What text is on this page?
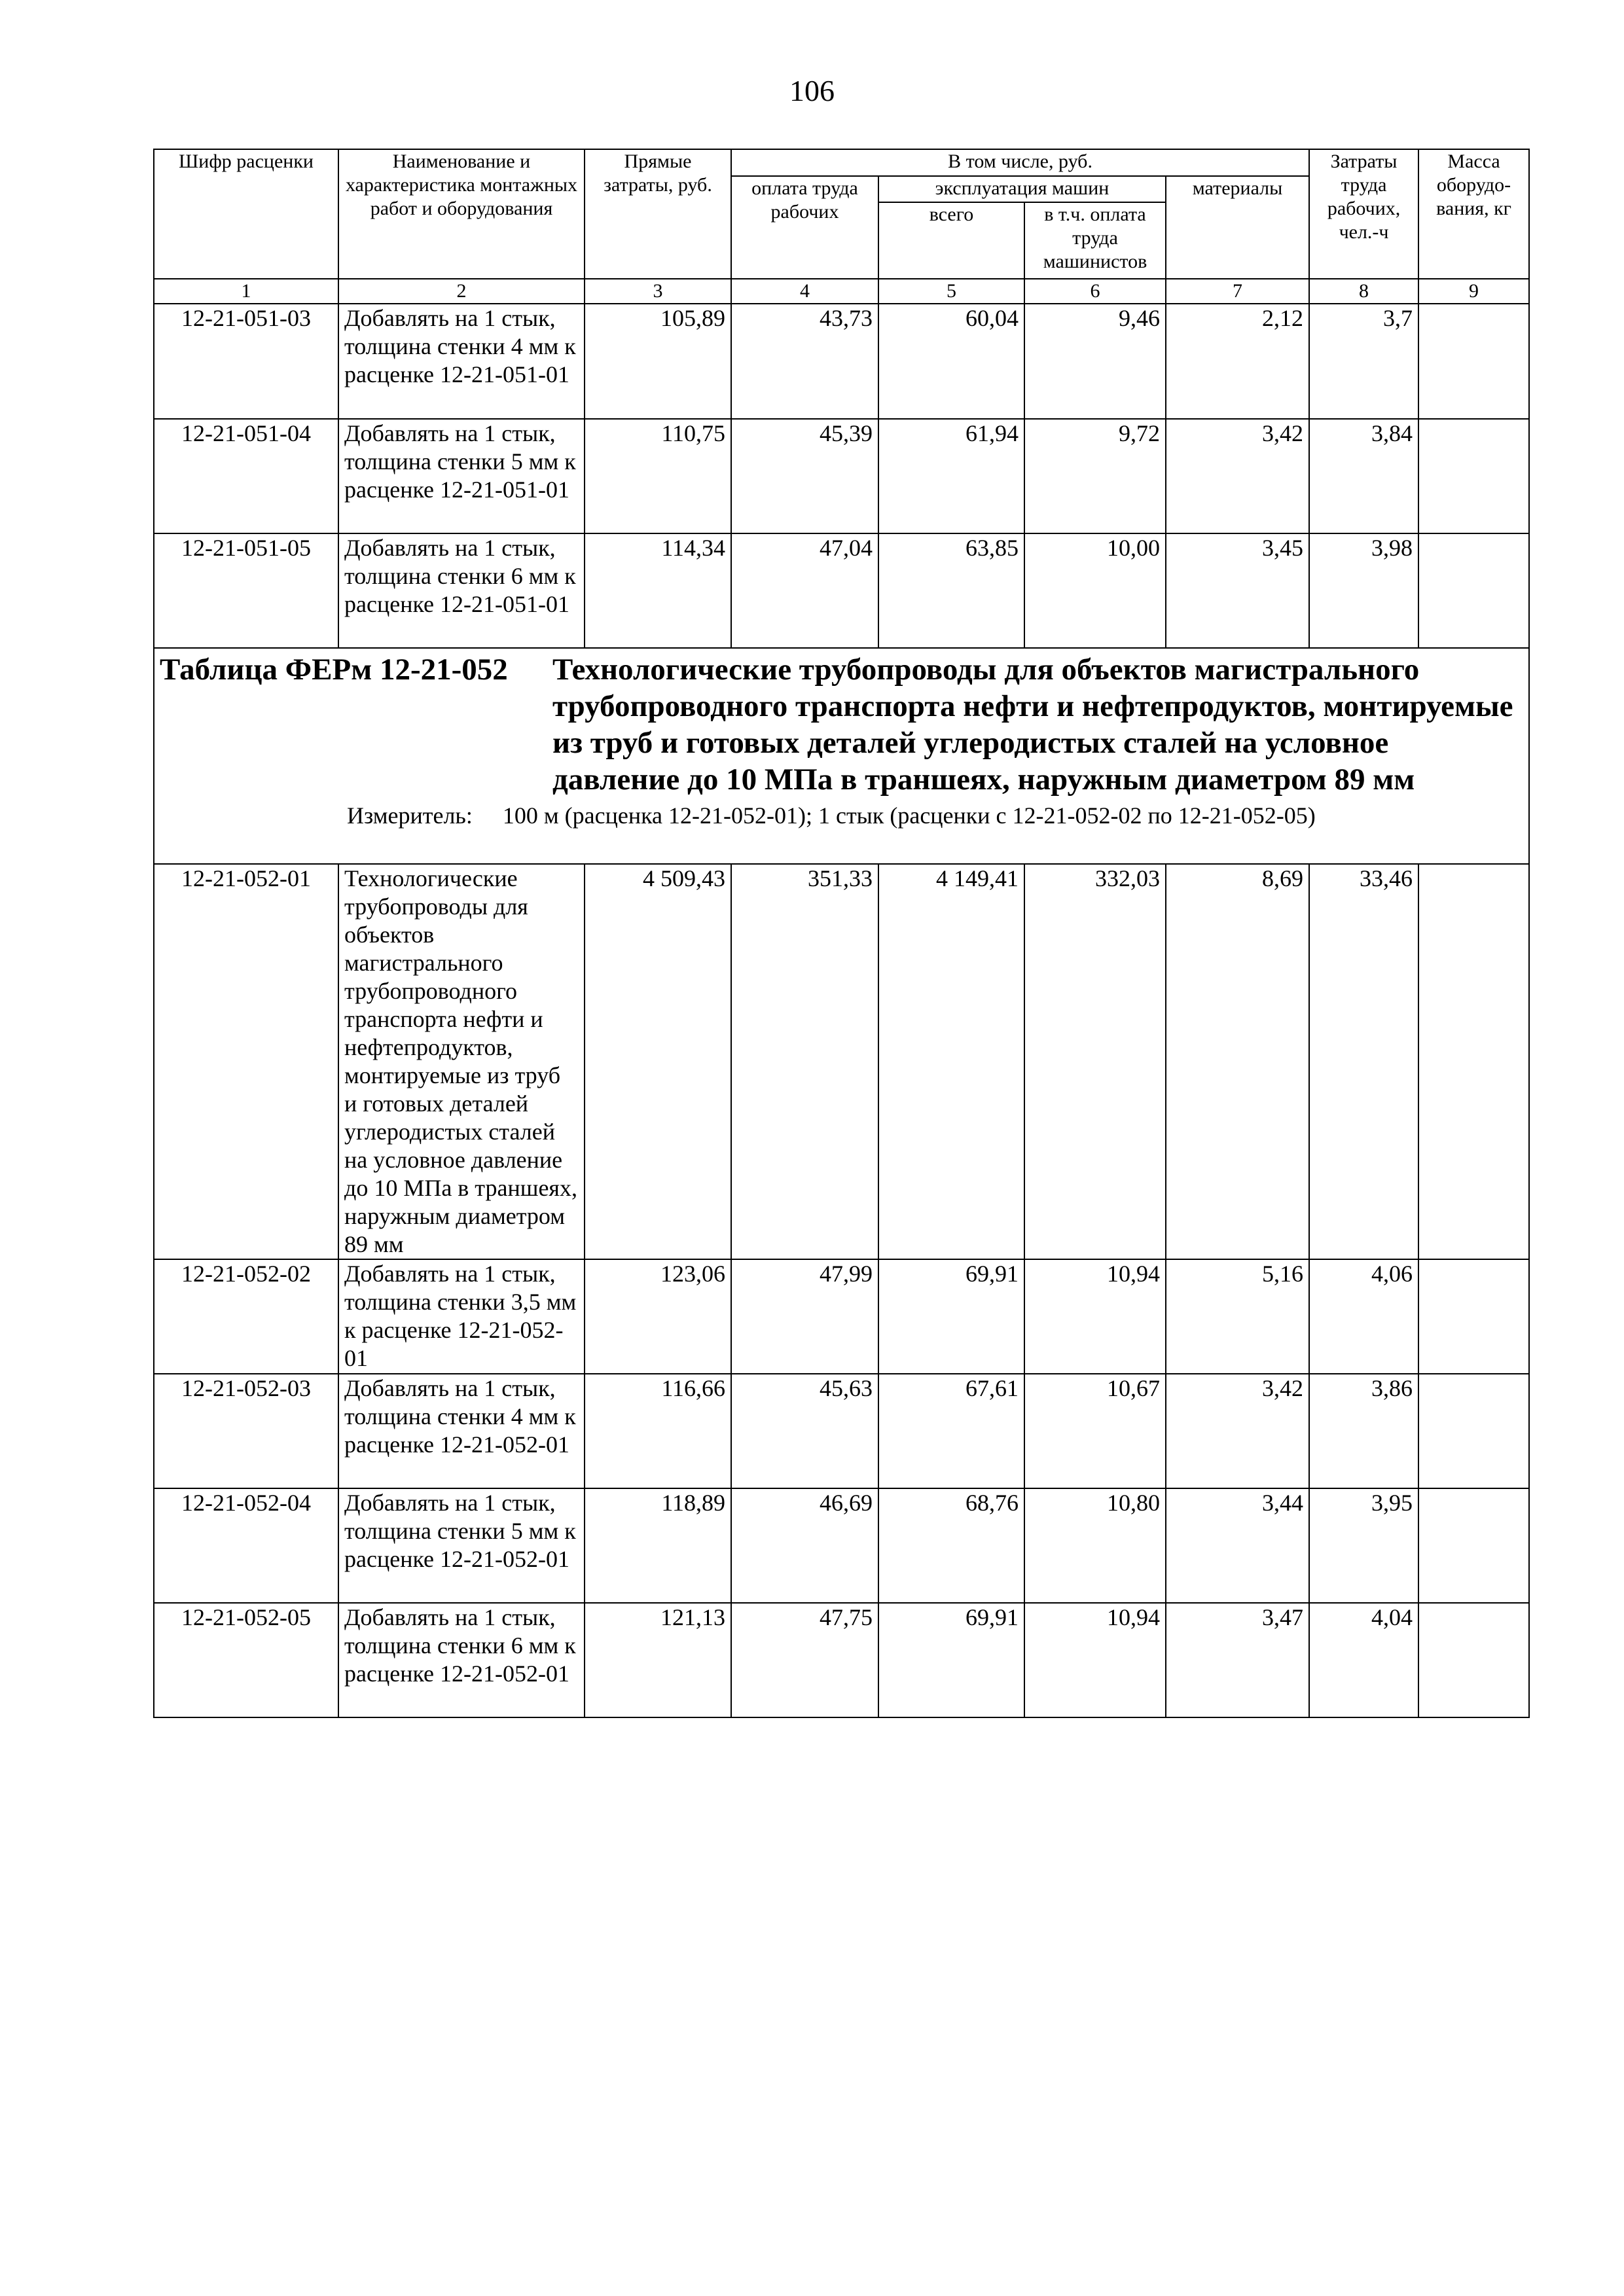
106
Шифр расценки	Наименование и характеристика монтажных работ и оборудования	Прямые затраты, руб.	В том числе, руб.				Затраты труда рабочих, чел.-ч	Масса оборудо-вания, кг
			оплата труда рабочих	эксплуатация машин		материалы		
				всего	в т.ч. оплата труда машинистов			
1	2	3	4	5	6	7	8	9
12-21-051-03	Добавлять на 1 стык, толщина стенки 4 мм к расценке 12-21-051-01	105,89	43,73	60,04	9,46	2,12	3,7	
12-21-051-04	Добавлять на 1 стык, толщина стенки 5 мм к расценке 12-21-051-01	110,75	45,39	61,94	9,72	3,42	3,84	
12-21-051-05	Добавлять на 1 стык, толщина стенки 6 мм к расценке 12-21-051-01	114,34	47,04	63,85	10,00	3,45	3,98	

Таблица ФЕРм 12-21-052 Технологические трубопроводы для объектов магистрального трубопроводного транспорта нефти и нефтепродуктов, монтируемые из труб и готовых деталей углеродистых сталей на условное давление до 10 МПа в траншеях, наружным диаметром 89 мм
Измеритель: 100 м (расценка 12-21-052-01); 1 стык (расценки с 12-21-052-02 по 12-21-052-05)								

12-21-052-01	Технологические трубопроводы для объектов магистрального трубопроводного транспорта нефти и нефтепродуктов, монтируемые из труб и готовых деталей углеродистых сталей на условное давление до 10 МПа в траншеях, наружным диаметром 89 мм	4 509,43	351,33	4 149,41	332,03	8,69	33,46	
12-21-052-02	Добавлять на 1 стык, толщина стенки 3,5 мм к расценке 12-21-052-01	123,06	47,99	69,91	10,94	5,16	4,06	
12-21-052-03	Добавлять на 1 стык, толщина стенки 4 мм к расценке 12-21-052-01	116,66	45,63	67,61	10,67	3,42	3,86	
12-21-052-04	Добавлять на 1 стык, толщина стенки 5 мм к расценке 12-21-052-01	118,89	46,69	68,76	10,80	3,44	3,95	
12-21-052-05	Добавлять на 1 стык, толщина стенки 6 мм к расценке 12-21-052-01	121,13	47,75	69,91	10,94	3,47	4,04	
